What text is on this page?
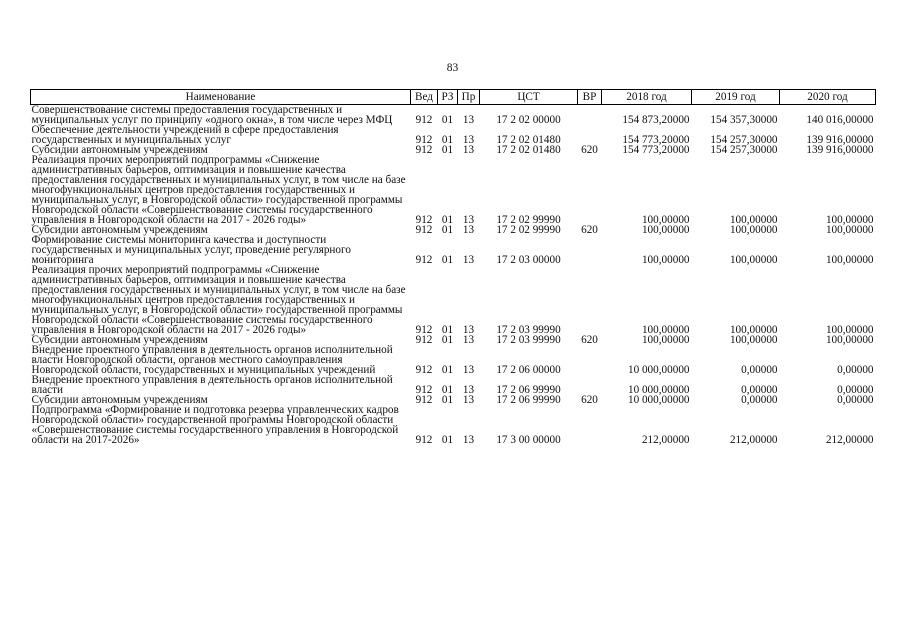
83
Наименование	Вед	РЗ	Пр	ЦСТ	ВР	2018 год	2019 год	2020 год
Совершенствование системы предоставления государственных и муниципальных услуг по принципу «одного окна», в том числе через МФЦ	912	01	13	17 2 02 00000		154 873,20000	154 357,30000	140 016,00000
Обеспечение деятельности учреждений в сфере предоставления государственных и муниципальных услуг	912	01	13	17 2 02 01480		154 773,20000	154 257,30000	139 916,00000
Субсидии автономным учреждениям	912	01	13	17 2 02 01480	620	154 773,20000	154 257,30000	139 916,00000
Реализация прочих мероприятий подпрограммы «Снижение административных барьеров, оптимизация и повышение качества предоставления государственных и муниципальных услуг, в том числе на базе многофункциональных центров предоставления государственных и муниципальных услуг, в Новгородской области» государственной программы Новгородской области «Совершенствование системы государственного управления в Новгородской области на 2017 - 2026 годы»	912	01	13	17 2 02 99990		100,00000	100,00000	100,00000
Субсидии автономным учреждениям	912	01	13	17 2 02 99990	620	100,00000	100,00000	100,00000
Формирование системы мониторинга качества и доступности государственных и муниципальных услуг, проведение регулярного мониторинга	912	01	13	17 2 03 00000		100,00000	100,00000	100,00000
Реализация прочих мероприятий подпрограммы «Снижение административных барьеров, оптимизация и повышение качества предоставления государственных и муниципальных услуг, в том числе на базе многофункциональных центров предоставления государственных и муниципальных услуг, в Новгородской области» государственной программы Новгородской области «Совершенствование системы государственного управления в Новгородской области на 2017 - 2026 годы»	912	01	13	17 2 03 99990		100,00000	100,00000	100,00000
Субсидии автономным учреждениям	912	01	13	17 2 03 99990	620	100,00000	100,00000	100,00000
Внедрение проектного управления в деятельность органов исполнительной власти Новгородской области, органов местного самоуправления Новгородской области, государственных и муниципальных учреждений	912	01	13	17 2 06 00000		10 000,00000	0,00000	0,00000
Внедрение проектного управления в деятельность органов исполнительной власти	912	01	13	17 2 06 99990		10 000,00000	0,00000	0,00000
Субсидии автономным учреждениям	912	01	13	17 2 06 99990	620	10 000,00000	0,00000	0,00000
Подпрограмма «Формирование и подготовка резерва управленческих кадров Новгородской области» государственной программы Новгородской области «Совершенствование системы государственного управления в Новгородской области на 2017-2026»	912	01	13	17 3 00 00000		212,00000	212,00000	212,00000
